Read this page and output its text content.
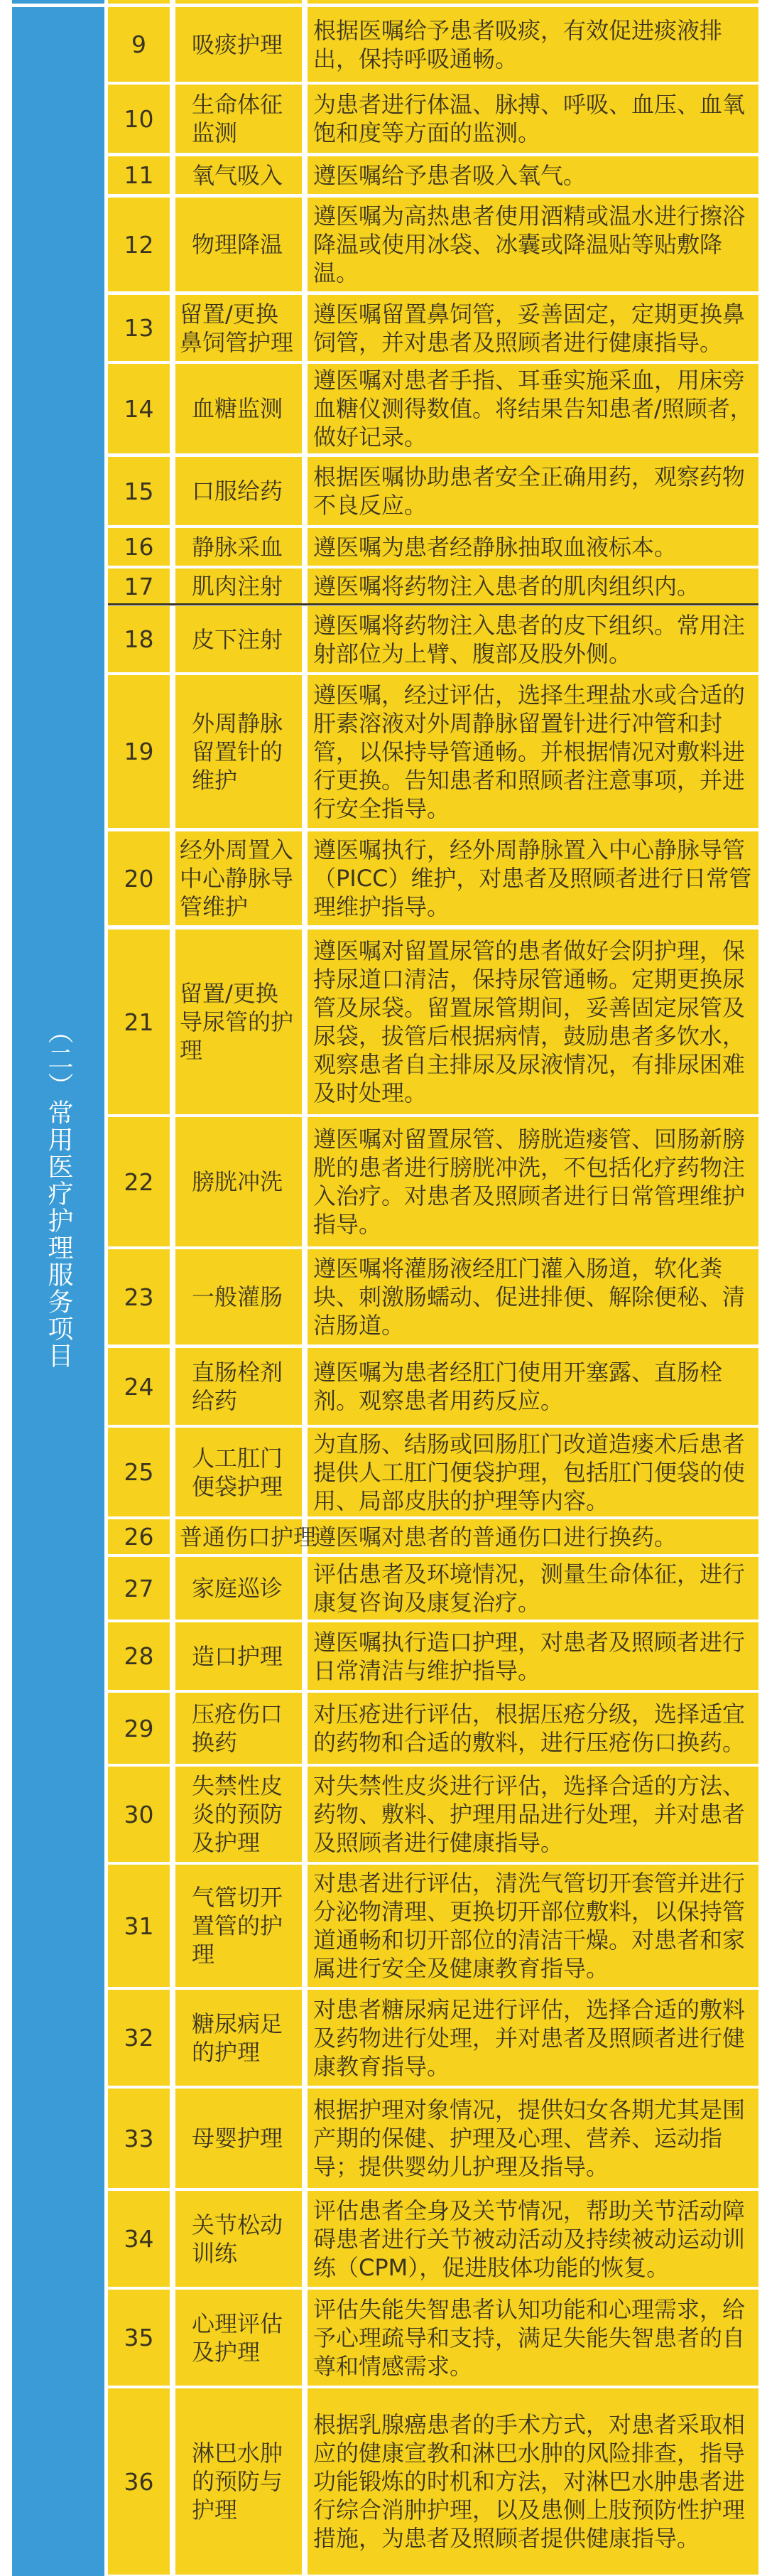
（二）常用医疗护理服务项目
9 吸痰护理
根据医嘱给予患者吸痰，有效促进痰液排出，保持呼吸通畅。
10
生命体征监测
为患者进行体温、脉搏、呼吸、血压、血氧饱和度等方面的监测。
11 氧气吸入 遵医嘱给予患者吸入氧气。
12 物理降温
遵医嘱为高热患者使用酒精或温水进行擦浴降温或使用冰袋、冰囊或降温贴等贴敷降温。
13
留置/更换鼻饲管护理
遵医嘱留置鼻饲管，妥善固定，定期更换鼻饲管，并对患者及照顾者进行健康指导。
14 血糖监测
遵医嘱对患者手指、耳垂实施采血，用床旁血糖仪测得数值。将结果告知患者/照顾者，做好记录。
15 口服给药
根据医嘱协助患者安全正确用药，观察药物不良反应。
16 静脉采血 遵医嘱为患者经静脉抽取血液标本。
17 肌肉注射 遵医嘱将药物注入患者的肌肉组织内。
18 皮下注射
遵医嘱将药物注入患者的皮下组织。常用注射部位为上臂、腹部及股外侧。
19
外周静脉留置针的维护
遵医嘱，经过评估，选择生理盐水或合适的肝素溶液对外周静脉留置针进行冲管和封管，以保持导管通畅。并根据情况对敷料进行更换。告知患者和照顾者注意事项，并进行安全指导。
20
经外周置入中心静脉导管维护
遵医嘱执行，经外周静脉置入中心静脉导管（PICC）维护，对患者及照顾者进行日常管理维护指导。
21
留置/更换导尿管的护理
遵医嘱对留置尿管的患者做好会阴护理，保持尿道口清洁，保持尿管通畅。定期更换尿管及尿袋。留置尿管期间，妥善固定尿管及尿袋，拔管后根据病情，鼓励患者多饮水，观察患者自主排尿及尿液情况，有排尿困难及时处理。
22 膀胱冲洗
遵医嘱对留置尿管、膀胱造瘘管、回肠新膀胱的患者进行膀胱冲洗，不包括化疗药物注入治疗。对患者及照顾者进行日常管理维护指导。
23 一般灌肠
遵医嘱将灌肠液经肛门灌入肠道，软化粪块、刺激肠蠕动、促进排便、解除便秘、清洁肠道。
24
直肠栓剂给药
遵医嘱为患者经肛门使用开塞露、直肠栓剂。观察患者用药反应。
25
人工肛门便袋护理
为直肠、结肠或回肠肛门改道造瘘术后患者提供人工肛门便袋护理，包括肛门便袋的使用、局部皮肤的护理等内容。
26 普通伤口护理
遵医嘱对患者的普通伤口进行换药。
27 家庭巡诊
评估患者及环境情况，测量生命体征，进行康复咨询及康复治疗。
28 造口护理
遵医嘱执行造口护理，对患者及照顾者进行日常清洁与维护指导。
29
压疮伤口换药
对压疮进行评估，根据压疮分级，选择适宜的药物和合适的敷料，进行压疮伤口换药。
30
失禁性皮炎的预防及护理
对失禁性皮炎进行评估，选择合适的方法、药物、敷料、护理用品进行处理，并对患者及照顾者进行健康指导。
31
气管切开置管的护理
对患者进行评估，清洗气管切开套管并进行分泌物清理、更换切开部位敷料，以保持管道通畅和切开部位的清洁干燥。对患者和家属进行安全及健康教育指导。
32
糖尿病足的护理
对患者糖尿病足进行评估，选择合适的敷料及药物进行处理，并对患者及照顾者进行健康教育指导。
33 母婴护理
根据护理对象情况，提供妇女各期尤其是围产期的保健、护理及心理、营养、运动指导；提供婴幼儿护理及指导。
34
关节松动训练
评估患者全身及关节情况，帮助关节活动障碍患者进行关节被动活动及持续被动运动训练（CPM），促进肢体功能的恢复。
35
心理评估及护理
评估失能失智患者认知功能和心理需求，给予心理疏导和支持，满足失能失智患者的自尊和情感需求。
36
淋巴水肿的预防与护理
根据乳腺癌患者的手术方式，对患者采取相应的健康宣教和淋巴水肿的风险排查，指导功能锻炼的时机和方法，对淋巴水肿患者进行综合消肿护理，以及患侧上肢预防性护理措施，为患者及照顾者提供健康指导。
